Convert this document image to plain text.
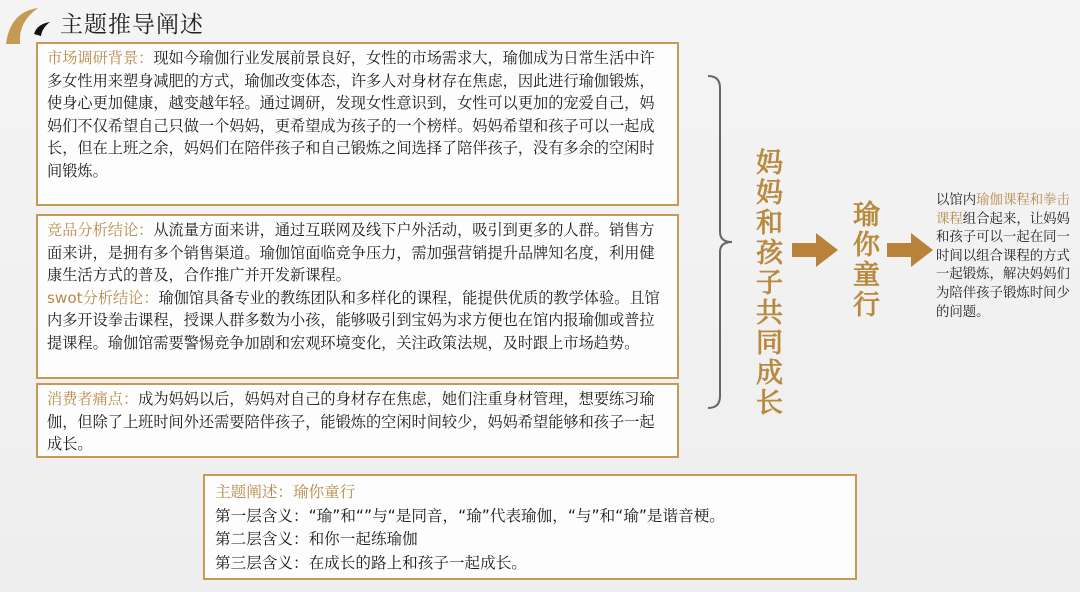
主题推导阐述
市场调研背景：现如今瑜伽行业发展前景良好，女性的市场需求大，瑜伽成为日常生活中许多女性用来塑身减肥的方式，瑜伽改变体态，许多人对身材存在焦虑，因此进行瑜伽锻炼，使身心更加健康，越变越年轻。通过调研，发现女性意识到，女性可以更加的宠爱自己，妈妈们不仅希望自己只做一个妈妈，更希望成为孩子的一个榜样。妈妈希望和孩子可以一起成长，但在上班之余，妈妈们在陪伴孩子和自己锻炼之间选择了陪伴孩子，没有多余的空闲时间锻炼。
竞品分析结论：从流量方面来讲，通过互联网及线下户外活动，吸引到更多的人群。销售方面来讲，是拥有多个销售渠道。瑜伽馆面临竞争压力，需加强营销提升品牌知名度，利用健康生活方式的普及，合作推广并开发新课程。
swot分析结论：瑜伽馆具备专业的教练团队和多样化的课程，能提供优质的教学体验。且馆内多开设拳击课程，授课人群多数为小孩，能够吸引到宝妈为求方便也在馆内报瑜伽或普拉提课程。瑜伽馆需要警惕竞争加剧和宏观环境变化，关注政策法规，及时跟上市场趋势。
消费者痛点：成为妈妈以后，妈妈对自己的身材存在焦虑，她们注重身材管理，想要练习瑜伽，但除了上班时间外还需要陪伴孩子，能锻炼的空闲时间较少，妈妈希望能够和孩子一起成长。
主题阐述：瑜你童行
第一层含义：“瑜”和“”与“是同音，“瑜”代表瑜伽，“与”和“瑜”是谐音梗。
第二层含义：和你一起练瑜伽
第三层含义：在成长的路上和孩子一起成长。
妈妈和孩子共同成长 瑜你童行	以馆内瑜伽课程和拳击课程组合起来，让妈妈和孩子可以一起在同一时间以组合课程的方式一起锻炼，解决妈妈们为陪伴孩子锻炼时间少的问题。
